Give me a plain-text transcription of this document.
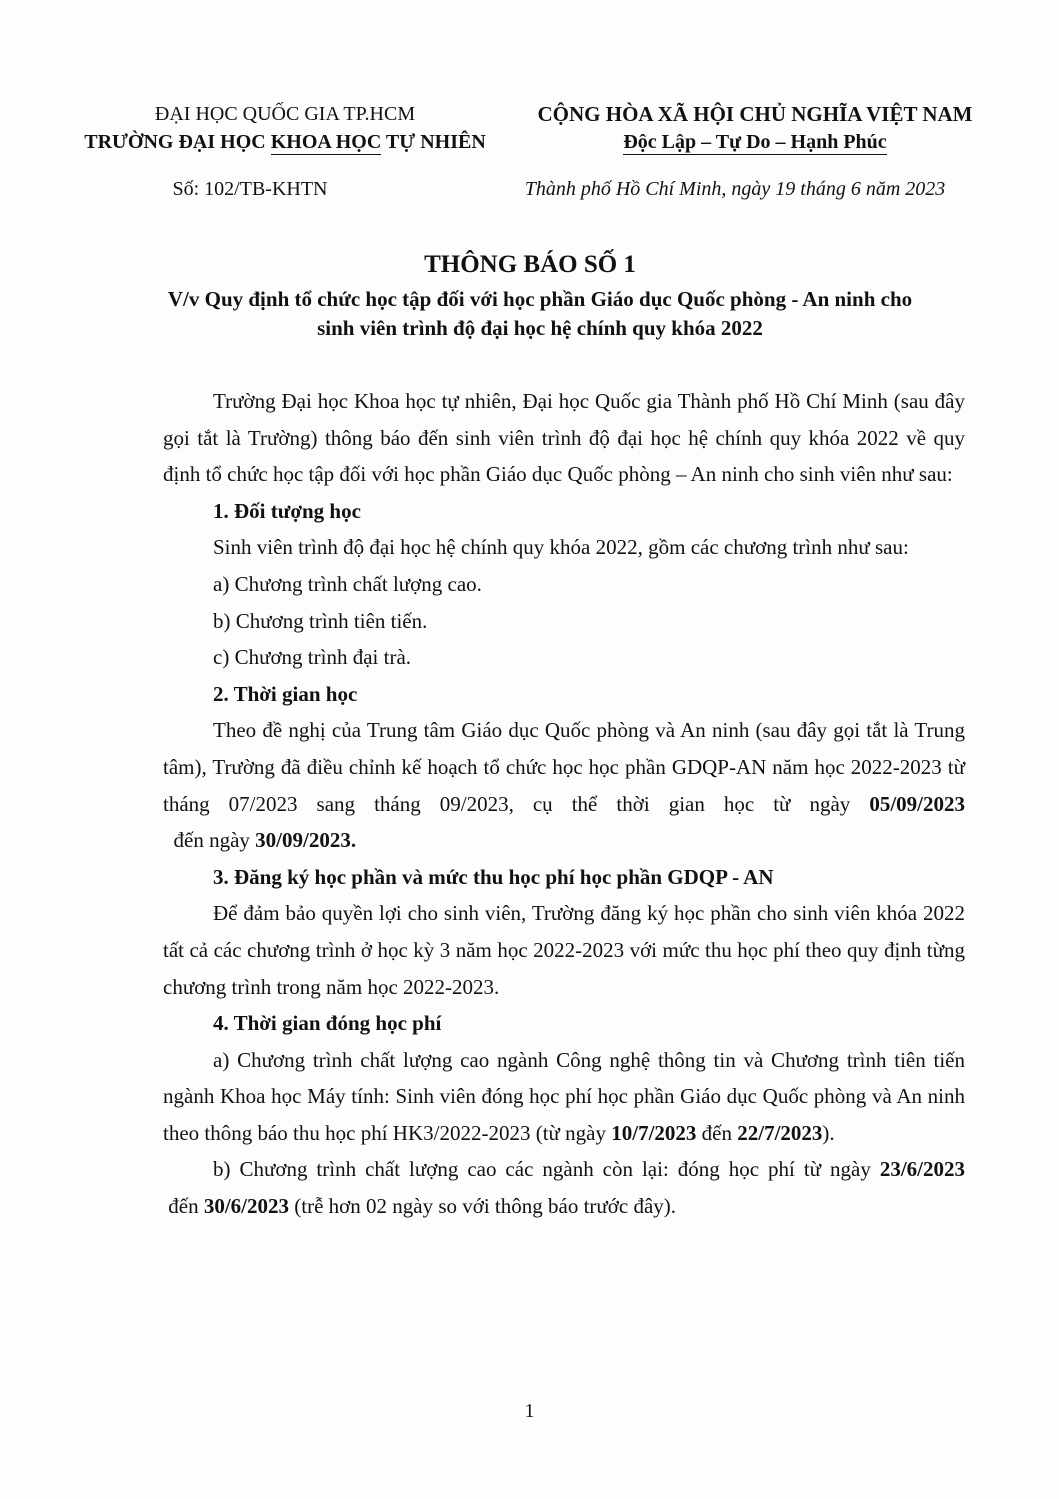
ĐẠI HỌC QUỐC GIA TP.HCM
TRƯỜNG ĐẠI HỌC KHOA HỌC TỰ NHIÊN
CỘNG HÒA XÃ HỘI CHỦ NGHĨA VIỆT NAM
Độc Lập – Tự Do – Hạnh Phúc
Số: 102/TB-KHTN	Thành phố Hồ Chí Minh, ngày 19 tháng 6 năm 2023
THÔNG BÁO SỐ 1
V/v Quy định tổ chức học tập đối với học phần Giáo dục Quốc phòng - An ninh cho sinh viên trình độ đại học hệ chính quy khóa 2022

Trường Đại học Khoa học tự nhiên, Đại học Quốc gia Thành phố Hồ Chí Minh (sau đây gọi tắt là Trường) thông báo đến sinh viên trình độ đại học hệ chính quy khóa 2022 về quy định tổ chức học tập đối với học phần Giáo dục Quốc phòng – An ninh cho sinh viên như sau:

1. Đối tượng học

Sinh viên trình độ đại học hệ chính quy khóa 2022, gồm các chương trình như sau:

a) Chương trình chất lượng cao.

b) Chương trình tiên tiến.

c) Chương trình đại trà.

2. Thời gian học

Theo đề nghị của Trung tâm Giáo dục Quốc phòng và An ninh (sau đây gọi tắt là Trung tâm), Trường đã điều chỉnh kế hoạch tổ chức học học phần GDQP-AN năm học 2022-2023 từ tháng 07/2023 sang tháng 09/2023, cụ thể thời gian học từ ngày 05/09/2023  đến ngày 30/09/2023.

3. Đăng ký học phần và mức thu học phí học phần GDQP - AN

Để đảm bảo quyền lợi cho sinh viên, Trường đăng ký học phần cho sinh viên khóa 2022 tất cả các chương trình ở học kỳ 3 năm học 2022-2023 với mức thu học phí theo quy định từng chương trình trong năm học 2022-2023.

4. Thời gian đóng học phí

a) Chương trình chất lượng cao ngành Công nghệ thông tin và Chương trình tiên tiến ngành Khoa học Máy tính: Sinh viên đóng học phí học phần Giáo dục Quốc phòng và An ninh theo thông báo thu học phí HK3/2022-2023 (từ ngày 10/7/2023 đến 22/7/2023).

b) Chương trình chất lượng cao các ngành còn lại: đóng học phí từ ngày 23/6/2023 đến 30/6/2023 (trễ hơn 02 ngày so với thông báo trước đây).

1
